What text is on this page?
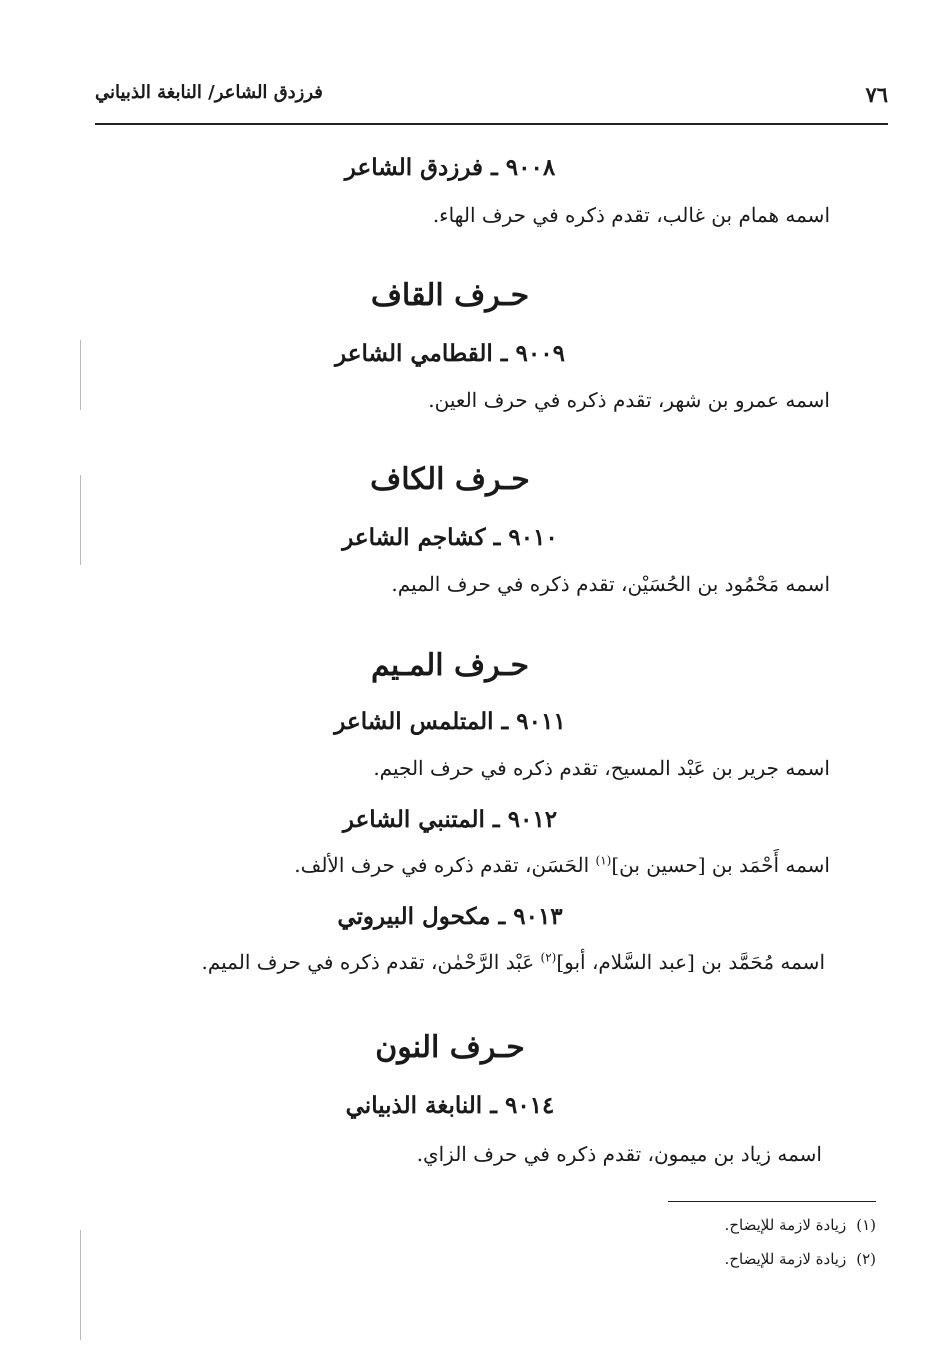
٧٦
فرزدق الشاعر/ النابغة الذبياني
٩٠٠٨ ـ فرزدق الشاعر
اسمه همام بن غالب، تقدم ذكره في حرف الهاء.
حـرف القاف
٩٠٠٩ ـ القطامي الشاعر
اسمه عمرو بن شهر، تقدم ذكره في حرف العين.
حـرف الكاف
٩٠١٠ ـ كشاجم الشاعر
اسمه مَحْمُود بن الحُسَيْن، تقدم ذكره في حرف الميم.
حـرف المـيم
٩٠١١ ـ المتلمس الشاعر
اسمه جرير بن عَبْد المسيح، تقدم ذكره في حرف الجيم.
٩٠١٢ ـ المتنبي الشاعر
اسمه أَحْمَد بن [حسين بن]$^{(١)}$ الحَسَن، تقدم ذكره في حرف الألف.
٩٠١٣ ـ مكحول البيروتي
اسمه مُحَمَّد بن [عبد السَّلام، أبو]$^{(٢)}$ عَبْد الرَّحْمٰن، تقدم ذكره في حرف الميم.
حـرف النون
٩٠١٤ ـ النابغة الذبياني
اسمه زياد بن ميمون، تقدم ذكره في حرف الزاي.
(١)زيادة لازمة للإيضاح.
(٢)زيادة لازمة للإيضاح.
